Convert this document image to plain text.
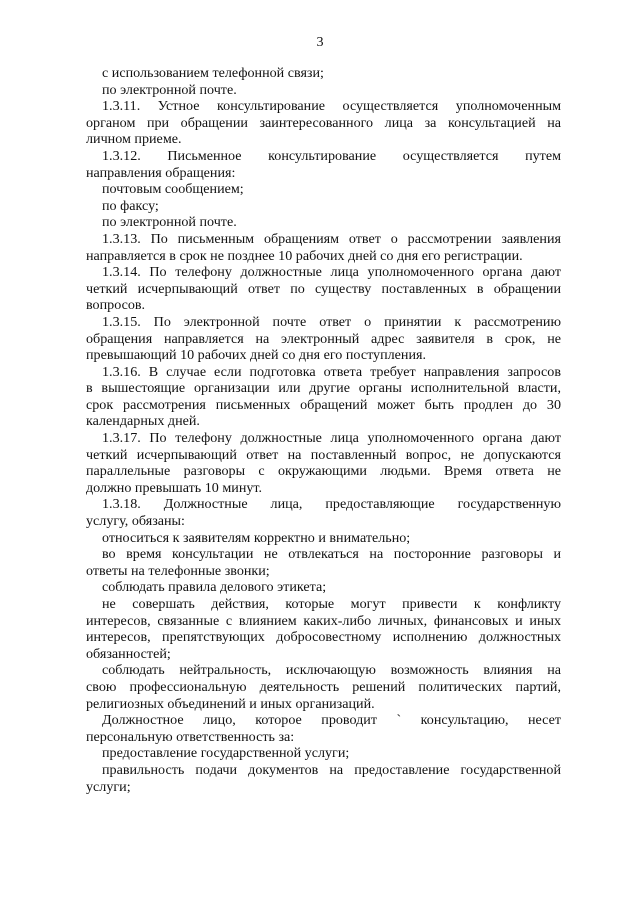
3
с использованием телефонной связи;
по электронной почте.
1.3.11. Устное консультирование осуществляется уполномоченным
органом при обращении заинтересованного лица за консультацией на
личном приеме.
1.3.12. Письменное консультирование осуществляется путем
направления обращения:
почтовым сообщением;
по факсу;
по электронной почте.
1.3.13. По письменным обращениям ответ о рассмотрении заявления
направляется в срок не позднее 10 рабочих дней со дня его регистрации.
1.3.14. По телефону должностные лица уполномоченного органа дают
четкий исчерпывающий ответ по существу поставленных в обращении
вопросов.
1.3.15. По электронной почте ответ о принятии к рассмотрению
обращения направляется на электронный адрес заявителя в срок, не
превышающий 10 рабочих дней со дня его поступления.
1.3.16. В случае если подготовка ответа требует направления запросов
в вышестоящие организации или другие органы исполнительной власти,
срок рассмотрения письменных обращений может быть продлен до 30
календарных дней.
1.3.17. По телефону должностные лица уполномоченного органа дают
четкий исчерпывающий ответ на поставленный вопрос, не допускаются
параллельные разговоры с окружающими людьми. Время ответа не
должно превышать 10 минут.
1.3.18. Должностные лица, предоставляющие государственную
услугу, обязаны:
относиться к заявителям корректно и внимательно;
во время консультации не отвлекаться на посторонние разговоры и
ответы на телефонные звонки;
соблюдать правила делового этикета;
не совершать действия, которые могут привести к конфликту
интересов, связанные с влиянием каких-либо личных, финансовых и иных
интересов, препятствующих добросовестному исполнению должностных
обязанностей;
соблюдать нейтральность, исключающую возможность влияния на
свою профессиональную деятельность решений политических партий,
религиозных объединений и иных организаций.
Должностное лицо, которое проводит ` консультацию, несет
персональную ответственность за:
предоставление государственной услуги;
правильность подачи документов на предоставление государственной
услуги;
